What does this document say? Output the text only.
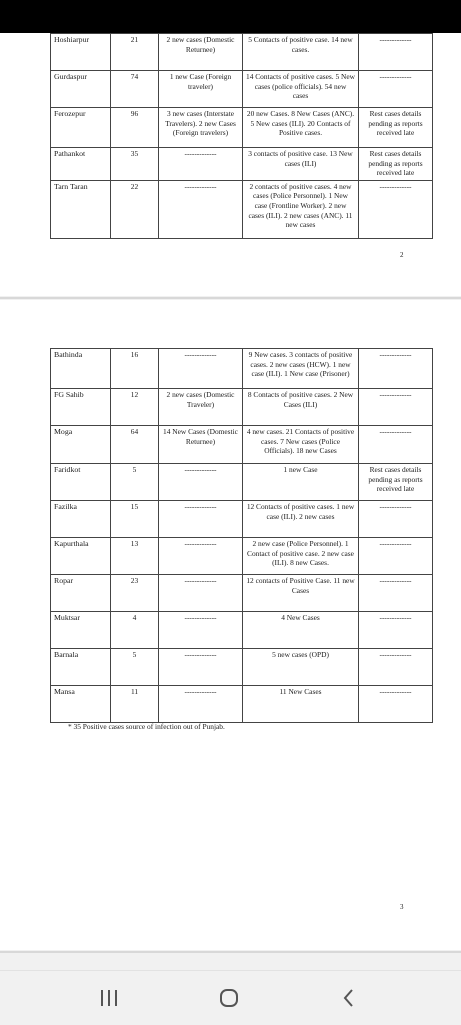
Hoshiarpur	21	2 new cases (Domestic Returnee)	5 Contacts of positive case. 14 new cases.	-------------
Gurdaspur	74	1 new Case (Foreign traveler)	14 Contacts of positive cases. 5 New cases (police officials). 54 new cases	-------------
Ferozepur	96	3 new cases (Interstate Travelers). 2 new Cases (Foreign travelers)	20 new Cases. 8 New Cases (ANC). 5 New cases (ILI). 20 Contacts of Positive cases.	Rest cases details pending as reports received late
Pathankot	35	-------------	3 contacts of positive case. 13 New cases (ILI)	Rest cases details pending as reports received late
Tarn Taran	22	-------------	2 contacts of positive cases. 4 new cases (Police Personnel). 1 New case (Frontline Worker). 2 new cases (ILI). 2 new cases (ANC). 11 new cases	-------------
2
Bathinda	16	-------------	9 New cases. 3 contacts of positive cases. 2 new cases (HCW). 1 new case (ILI). 1 New case (Prisoner)	-------------
FG Sahib	12	2 new cases (Domestic Traveler)	8 Contacts of positive cases. 2 New Cases (ILI)	-------------
Moga	64	14 New Cases (Domestic Returnee)	4 new cases. 21 Contacts of positive cases. 7 New cases (Police Officials). 18 new Cases	-------------
Faridkot	5	-------------	1 new Case	Rest cases details pending as reports received late
Fazilka	15	-------------	12 Contacts of positive cases. 1 new case (ILI). 2 new cases	-------------
Kapurthala	13	-------------	2 new case (Police Personnel). 1 Contact of positive case. 2 new case (ILI). 8 new Cases.	-------------
Ropar	23	-------------	12 contacts of Positive Case. 11 new Cases	-------------
Muktsar	4	-------------	4 New Cases	-------------
Barnala	5	-------------	5 new cases (OPD)	-------------
Mansa	11	-------------	11 New Cases	-------------
* 35 Positive cases source of infection out of Punjab.
3
